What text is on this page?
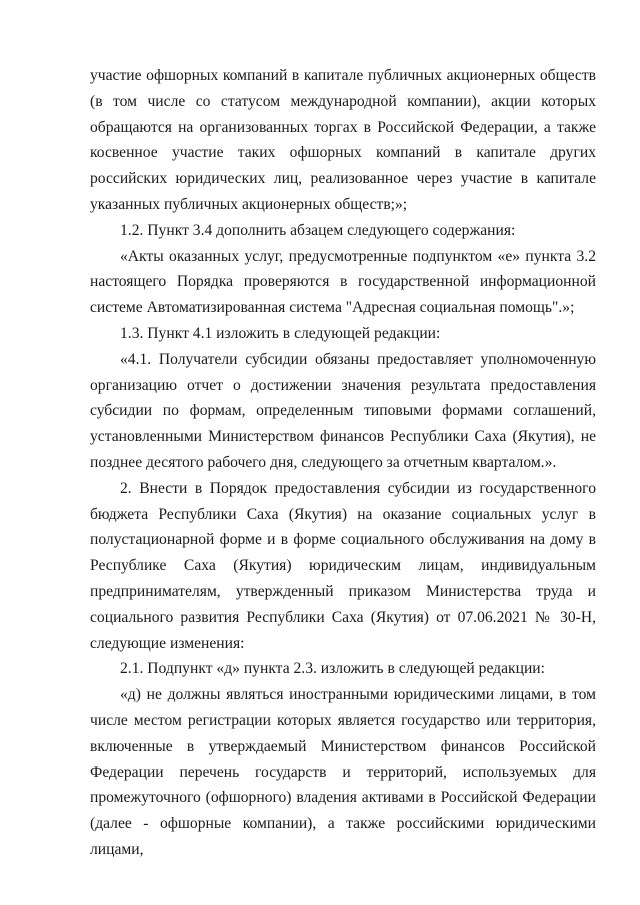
участие офшорных компаний в капитале публичных акционерных обществ (в том числе со статусом международной компании), акции которых обращаются на организованных торгах в Российской Федерации, а также косвенное участие таких офшорных компаний в капитале других российских юридических лиц, реализованное через участие в капитале указанных публичных акционерных обществ;»;

1.2. Пункт 3.4 дополнить абзацем следующего содержания:

«Акты оказанных услуг, предусмотренные подпунктом «е» пункта 3.2 настоящего Порядка проверяются в государственной информационной системе Автоматизированная система "Адресная социальная помощь".»;

1.3. Пункт 4.1 изложить в следующей редакции:

«4.1. Получатели субсидии обязаны предоставляет уполномоченную организацию отчет о достижении значения результата предоставления субсидии по формам, определенным типовыми формами соглашений, установленными Министерством финансов Республики Саха (Якутия), не позднее десятого рабочего дня, следующего за отчетным кварталом.».

2. Внести в Порядок предоставления субсидии из государственного бюджета Республики Саха (Якутия) на оказание социальных услуг в полустационарной форме и в форме социального обслуживания на дому в Республике Саха (Якутия) юридическим лицам, индивидуальным предпринимателям, утвержденный приказом Министерства труда и социального развития Республики Саха (Якутия) от 07.06.2021 № 30-Н, следующие изменения:

2.1. Подпункт «д» пункта 2.3. изложить в следующей редакции:

«д) не должны являться иностранными юридическими лицами, в том числе местом регистрации которых является государство или территория, включенные в утверждаемый Министерством финансов Российской Федерации перечень государств и территорий, используемых для промежуточного (офшорного) владения активами в Российской Федерации (далее - офшорные компании), а также российскими юридическими лицами,
